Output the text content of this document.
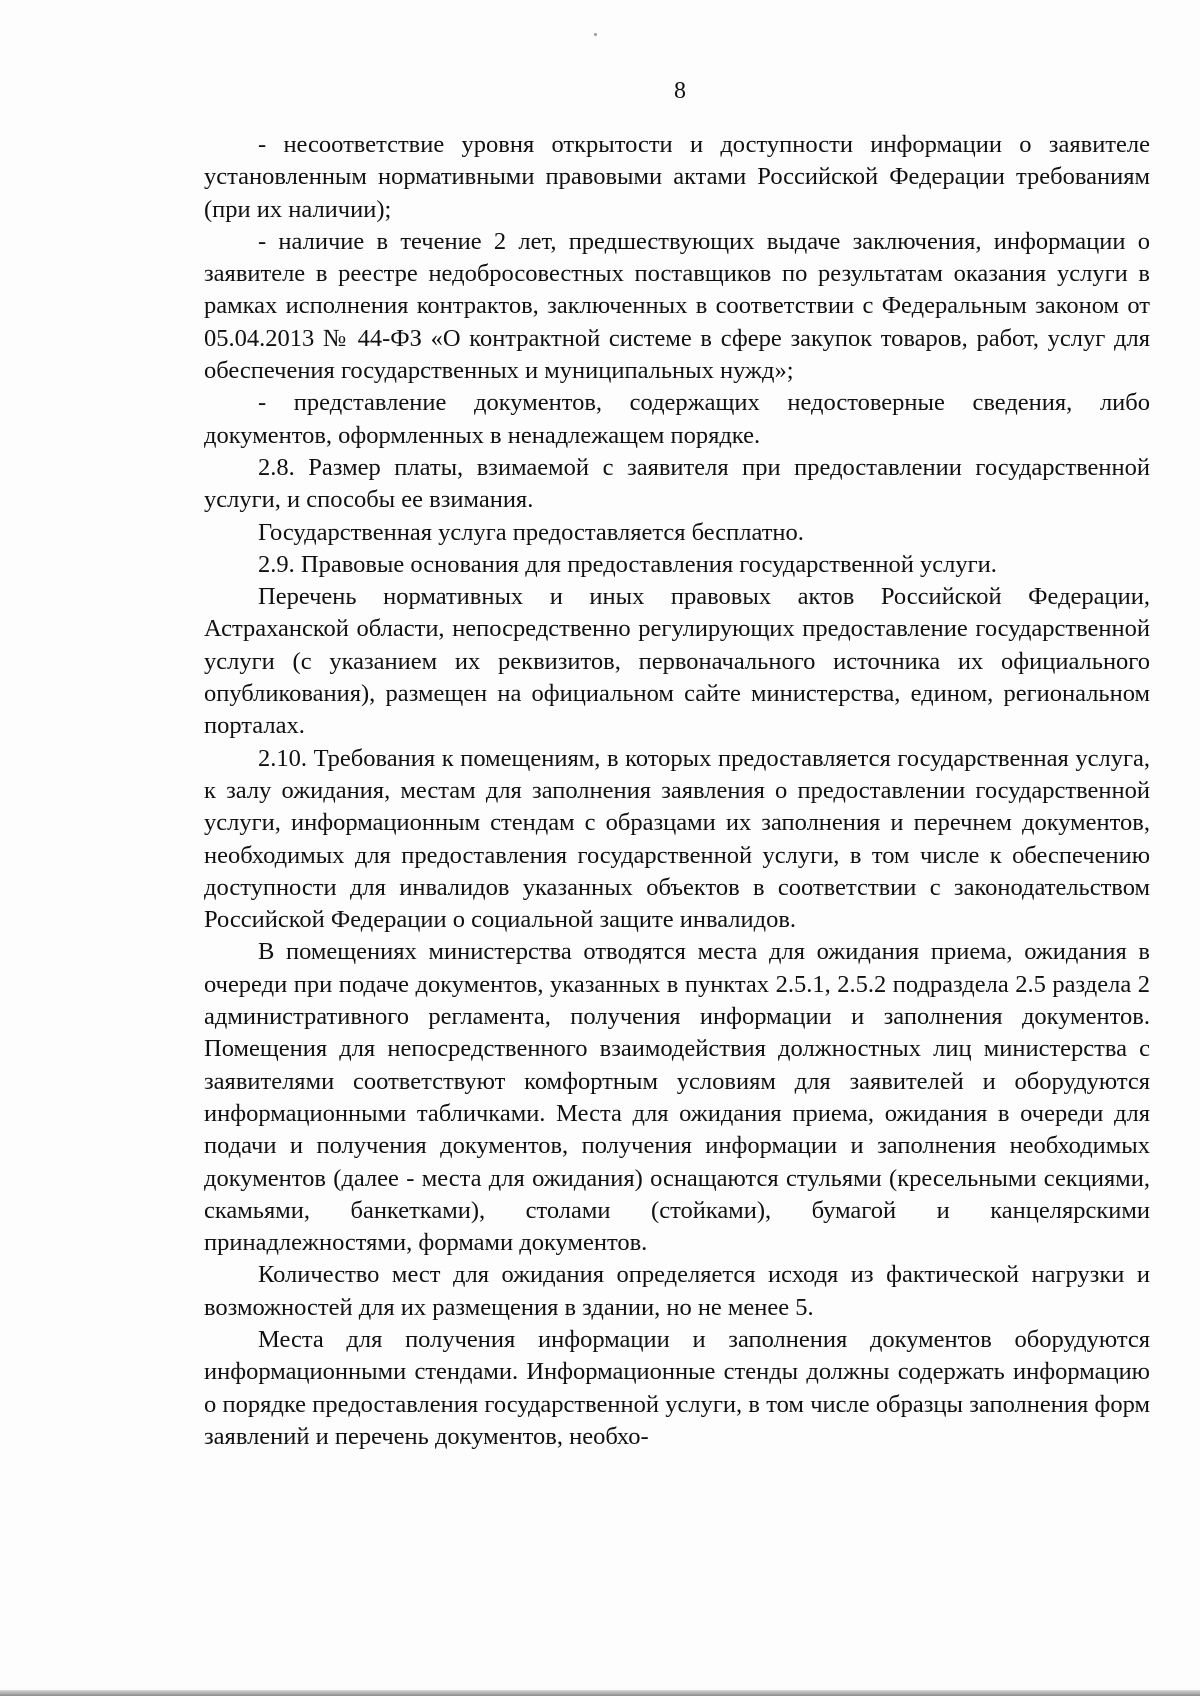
8

- несоответствие уровня открытости и доступности информации о заявителе установленным нормативными правовыми актами Российской Федерации требованиям (при их наличии);

- наличие в течение 2 лет, предшествующих выдаче заключения, информации о заявителе в реестре недобросовестных поставщиков по результатам оказания услуги в рамках исполнения контрактов, заключенных в соответствии с Федеральным законом от 05.04.2013 № 44-ФЗ «О контрактной системе в сфере закупок товаров, работ, услуг для обеспечения государственных и муниципальных нужд»;

- представление документов, содержащих недостоверные сведения, либо документов, оформленных в ненадлежащем порядке.

2.8. Размер платы, взимаемой с заявителя при предоставлении государственной услуги, и способы ее взимания.

Государственная услуга предоставляется бесплатно.

2.9. Правовые основания для предоставления государственной услуги.

Перечень нормативных и иных правовых актов Российской Федерации, Астраханской области, непосредственно регулирующих предоставление государственной услуги (с указанием их реквизитов, первоначального источника их официального опубликования), размещен на официальном сайте министерства, едином, региональном порталах.

2.10. Требования к помещениям, в которых предоставляется государственная услуга, к залу ожидания, местам для заполнения заявления о предоставлении государственной услуги, информационным стендам с образцами их заполнения и перечнем документов, необходимых для предоставления государственной услуги, в том числе к обеспечению доступности для инвалидов указанных объектов в соответствии с законодательством Российской Федерации о социальной защите инвалидов.

В помещениях министерства отводятся места для ожидания приема, ожидания в очереди при подаче документов, указанных в пунктах 2.5.1, 2.5.2 подраздела 2.5 раздела 2 административного регламента, получения информации и заполнения документов. Помещения для непосредственного взаимодействия должностных лиц министерства с заявителями соответствуют комфортным условиям для заявителей и оборудуются информационными табличками. Места для ожидания приема, ожидания в очереди для подачи и получения документов, получения информации и заполнения необходимых документов (далее - места для ожидания) оснащаются стульями (кресельными секциями, скамьями, банкетками), столами (стойками), бумагой и канцелярскими принадлежностями, формами документов.

Количество мест для ожидания определяется исходя из фактической нагрузки и возможностей для их размещения в здании, но не менее 5.

Места для получения информации и заполнения документов оборудуются информационными стендами. Информационные стенды должны содержать информацию о порядке предоставления государственной услуги, в том числе образцы заполнения форм заявлений и перечень документов, необхо-
